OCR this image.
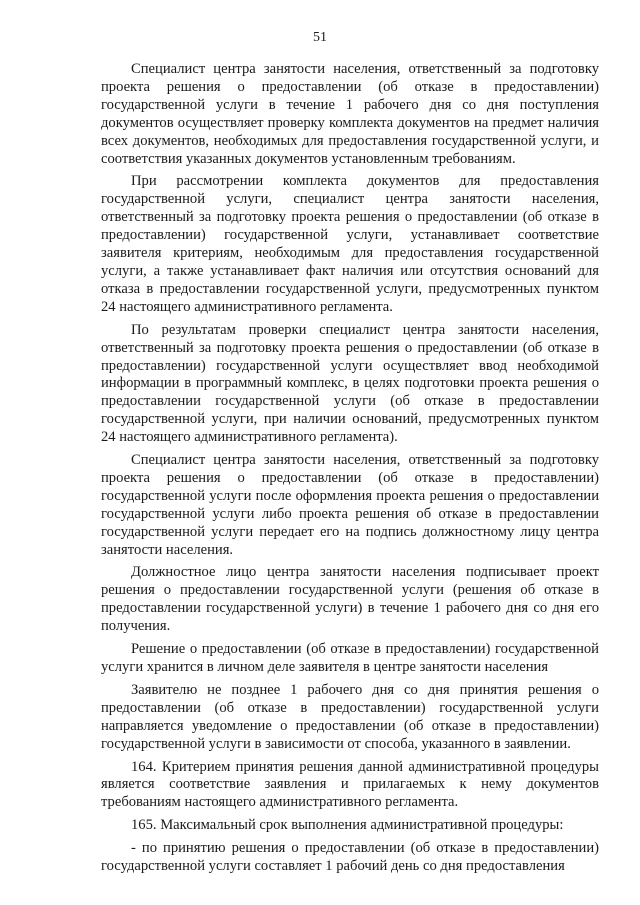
51

Специалист центра занятости населения, ответственный за подготовку проекта решения о предоставлении (об отказе в предоставлении) государственной услуги в течение 1 рабочего дня со дня поступления документов осуществляет проверку комплекта документов на предмет наличия всех документов, необходимых для предоставления государственной услуги, и соответствия указанных документов установленным требованиям.

При рассмотрении комплекта документов для предоставления государственной услуги, специалист центра занятости населения, ответственный за подготовку проекта решения о предоставлении (об отказе в предоставлении) государственной услуги, устанавливает соответствие заявителя критериям, необходимым для предоставления государственной услуги, а также устанавливает факт наличия или отсутствия оснований для отказа в предоставлении государственной услуги, предусмотренных пунктом 24 настоящего административного регламента.

По результатам проверки специалист центра занятости населения, ответственный за подготовку проекта решения о предоставлении (об отказе в предоставлении) государственной услуги осуществляет ввод необходимой информации в программный комплекс, в целях подготовки проекта решения о предоставлении государственной услуги (об отказе в предоставлении государственной услуги, при наличии оснований, предусмотренных пунктом 24 настоящего административного регламента).

Специалист центра занятости населения, ответственный за подготовку проекта решения о предоставлении (об отказе в предоставлении) государственной услуги после оформления проекта решения о предоставлении государственной услуги либо проекта решения об отказе в предоставлении государственной услуги передает его на подпись должностному лицу центра занятости населения.

Должностное лицо центра занятости населения подписывает проект решения о предоставлении государственной услуги (решения об отказе в предоставлении государственной услуги) в течение 1 рабочего дня со дня его получения.

Решение о предоставлении (об отказе в предоставлении) государственной услуги хранится в личном деле заявителя в центре занятости населения

Заявителю не позднее 1 рабочего дня со дня принятия решения о предоставлении (об отказе в предоставлении) государственной услуги направляется уведомление о предоставлении (об отказе в предоставлении) государственной услуги в зависимости от способа, указанного в заявлении.

164. Критерием принятия решения данной административной процедуры является соответствие заявления и прилагаемых к нему документов требованиям настоящего административного регламента.

165. Максимальный срок выполнения административной процедуры:

- по принятию решения о предоставлении (об отказе в предоставлении) государственной услуги составляет 1 рабочий день со дня предоставления
